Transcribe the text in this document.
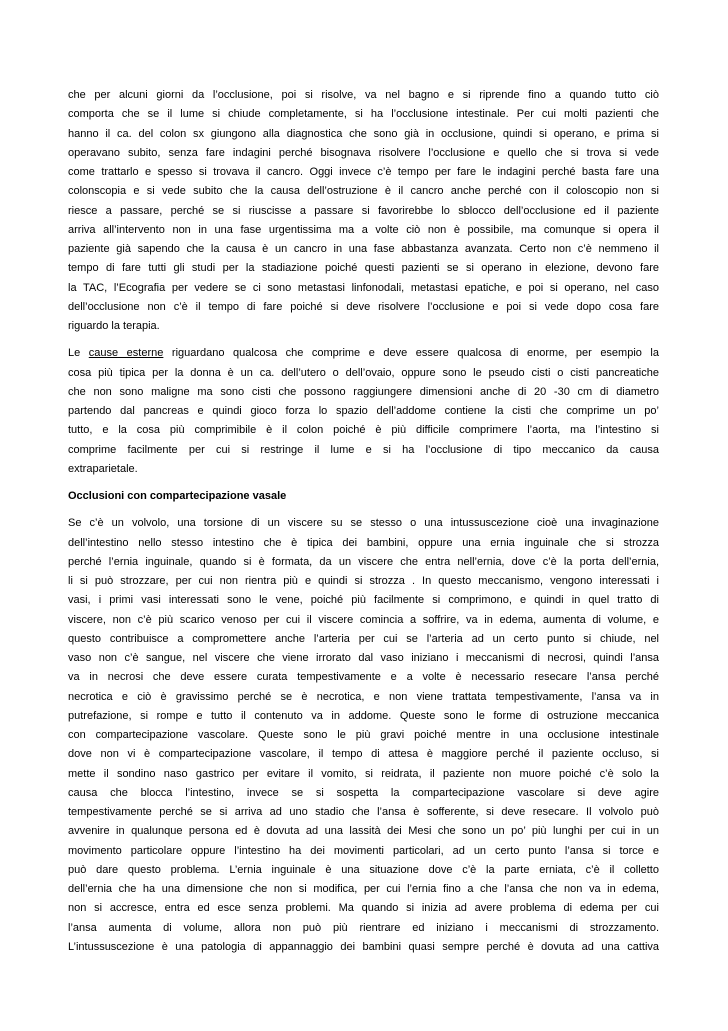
che per alcuni giorni da l’occlusione, poi si risolve, va nel bagno e si riprende fino a quando tutto ciò
comporta che se il lume si chiude completamente, si ha l’occlusione intestinale. Per cui molti pazienti che
hanno il ca. del colon sx giungono alla diagnostica che sono già in occlusione, quindi si operano, e prima si
operavano subito, senza fare indagini perché bisognava risolvere l’occlusione e quello che si trova si vede
come trattarlo e spesso si trovava il cancro. Oggi invece c’è tempo per fare le indagini perché basta fare una
colonscopia e si vede subito che la causa dell’ostruzione è il cancro anche perché con il coloscopio non si
riesce a passare, perché se si riuscisse a passare si favorirebbe lo sblocco dell’occlusione ed il paziente
arriva all’intervento non in una fase urgentissima ma a volte ciò non è possibile, ma comunque si opera il
paziente già sapendo che la causa è un cancro in una fase abbastanza avanzata. Certo non c’è nemmeno il
tempo di fare tutti gli studi per la stadiazione poiché questi pazienti se si operano in elezione, devono fare
la TAC, l’Ecografia per vedere se ci sono metastasi linfonodali, metastasi epatiche, e poi si operano, nel caso
dell’occlusione non c’è il tempo di fare poiché si deve risolvere l’occlusione e poi si vede dopo cosa fare
riguardo la terapia.
Le cause esterne riguardano qualcosa che comprime e deve essere qualcosa di enorme, per esempio la
cosa più tipica per la donna è un ca. dell’utero o dell’ovaio, oppure sono le pseudo cisti o cisti pancreatiche
che non sono maligne ma sono cisti che possono raggiungere dimensioni anche di 20 -30 cm di diametro
partendo dal pancreas e quindi gioco forza lo spazio dell’addome contiene la cisti che comprime un po’
tutto, e la cosa più comprimibile è il colon poiché è più difficile comprimere l’aorta, ma l’intestino si
comprime facilmente per cui si restringe il lume e si ha l’occlusione di tipo meccanico da causa
extraparietale.
Occlusioni con compartecipazione vasale
Se c’è un volvolo, una torsione di un viscere su se stesso o una intussuscezione cioè una invaginazione
dell’intestino nello stesso intestino che è tipica dei bambini, oppure una ernia inguinale che si strozza
perché l’ernia inguinale, quando si è formata, da un viscere che entra nell’ernia, dove c’è la porta dell’ernia,
li si può strozzare, per cui non rientra più e quindi si strozza . In questo meccanismo, vengono interessati i
vasi, i primi vasi interessati sono le vene, poiché più facilmente si comprimono, e quindi in quel tratto di
viscere, non c’è più scarico venoso per cui il viscere comincia a soffrire, va in edema, aumenta di volume, e
questo contribuisce a compromettere anche l’arteria per cui se l’arteria ad un certo punto si chiude, nel
vaso non c’è sangue, nel viscere che viene irrorato dal vaso iniziano i meccanismi di necrosi, quindi l’ansa
va in necrosi che deve essere curata tempestivamente e a volte è necessario resecare l’ansa perché
necrotica e ciò è gravissimo perché se è necrotica, e non viene trattata tempestivamente, l’ansa va in
putrefazione, si rompe e tutto il contenuto va in addome. Queste sono le forme di ostruzione meccanica
con compartecipazione vascolare. Queste sono le più gravi poiché mentre in una occlusione intestinale
dove non vi è compartecipazione vascolare, il tempo di attesa è maggiore perché il paziente occluso, si
mette il sondino naso gastrico per evitare il vomito, si reidrata, il paziente non muore poiché c’è solo la
causa che blocca l’intestino, invece se si sospetta la compartecipazione vascolare si deve agire
tempestivamente perché se si arriva ad uno stadio che l’ansa è sofferente, si deve resecare. Il volvolo può
avvenire in qualunque persona ed è dovuta ad una lassità dei Mesi che sono un po’ più lunghi per cui in un
movimento particolare oppure l’intestino ha dei movimenti particolari, ad un certo punto l’ansa si torce e
può dare questo problema. L’ernia inguinale è una situazione dove c’è la parte erniata, c’è il colletto
dell’ernia che ha una dimensione che non si modifica, per cui l’ernia fino a che l’ansa che non va in edema,
non si accresce, entra ed esce senza problemi. Ma quando si inizia ad avere problema di edema per cui
l’ansa aumenta di volume, allora non può più rientrare ed iniziano i meccanismi di strozzamento.
L’intussuscezione è una patologia di appannaggio dei bambini quasi sempre perché è dovuta ad una cattiva
